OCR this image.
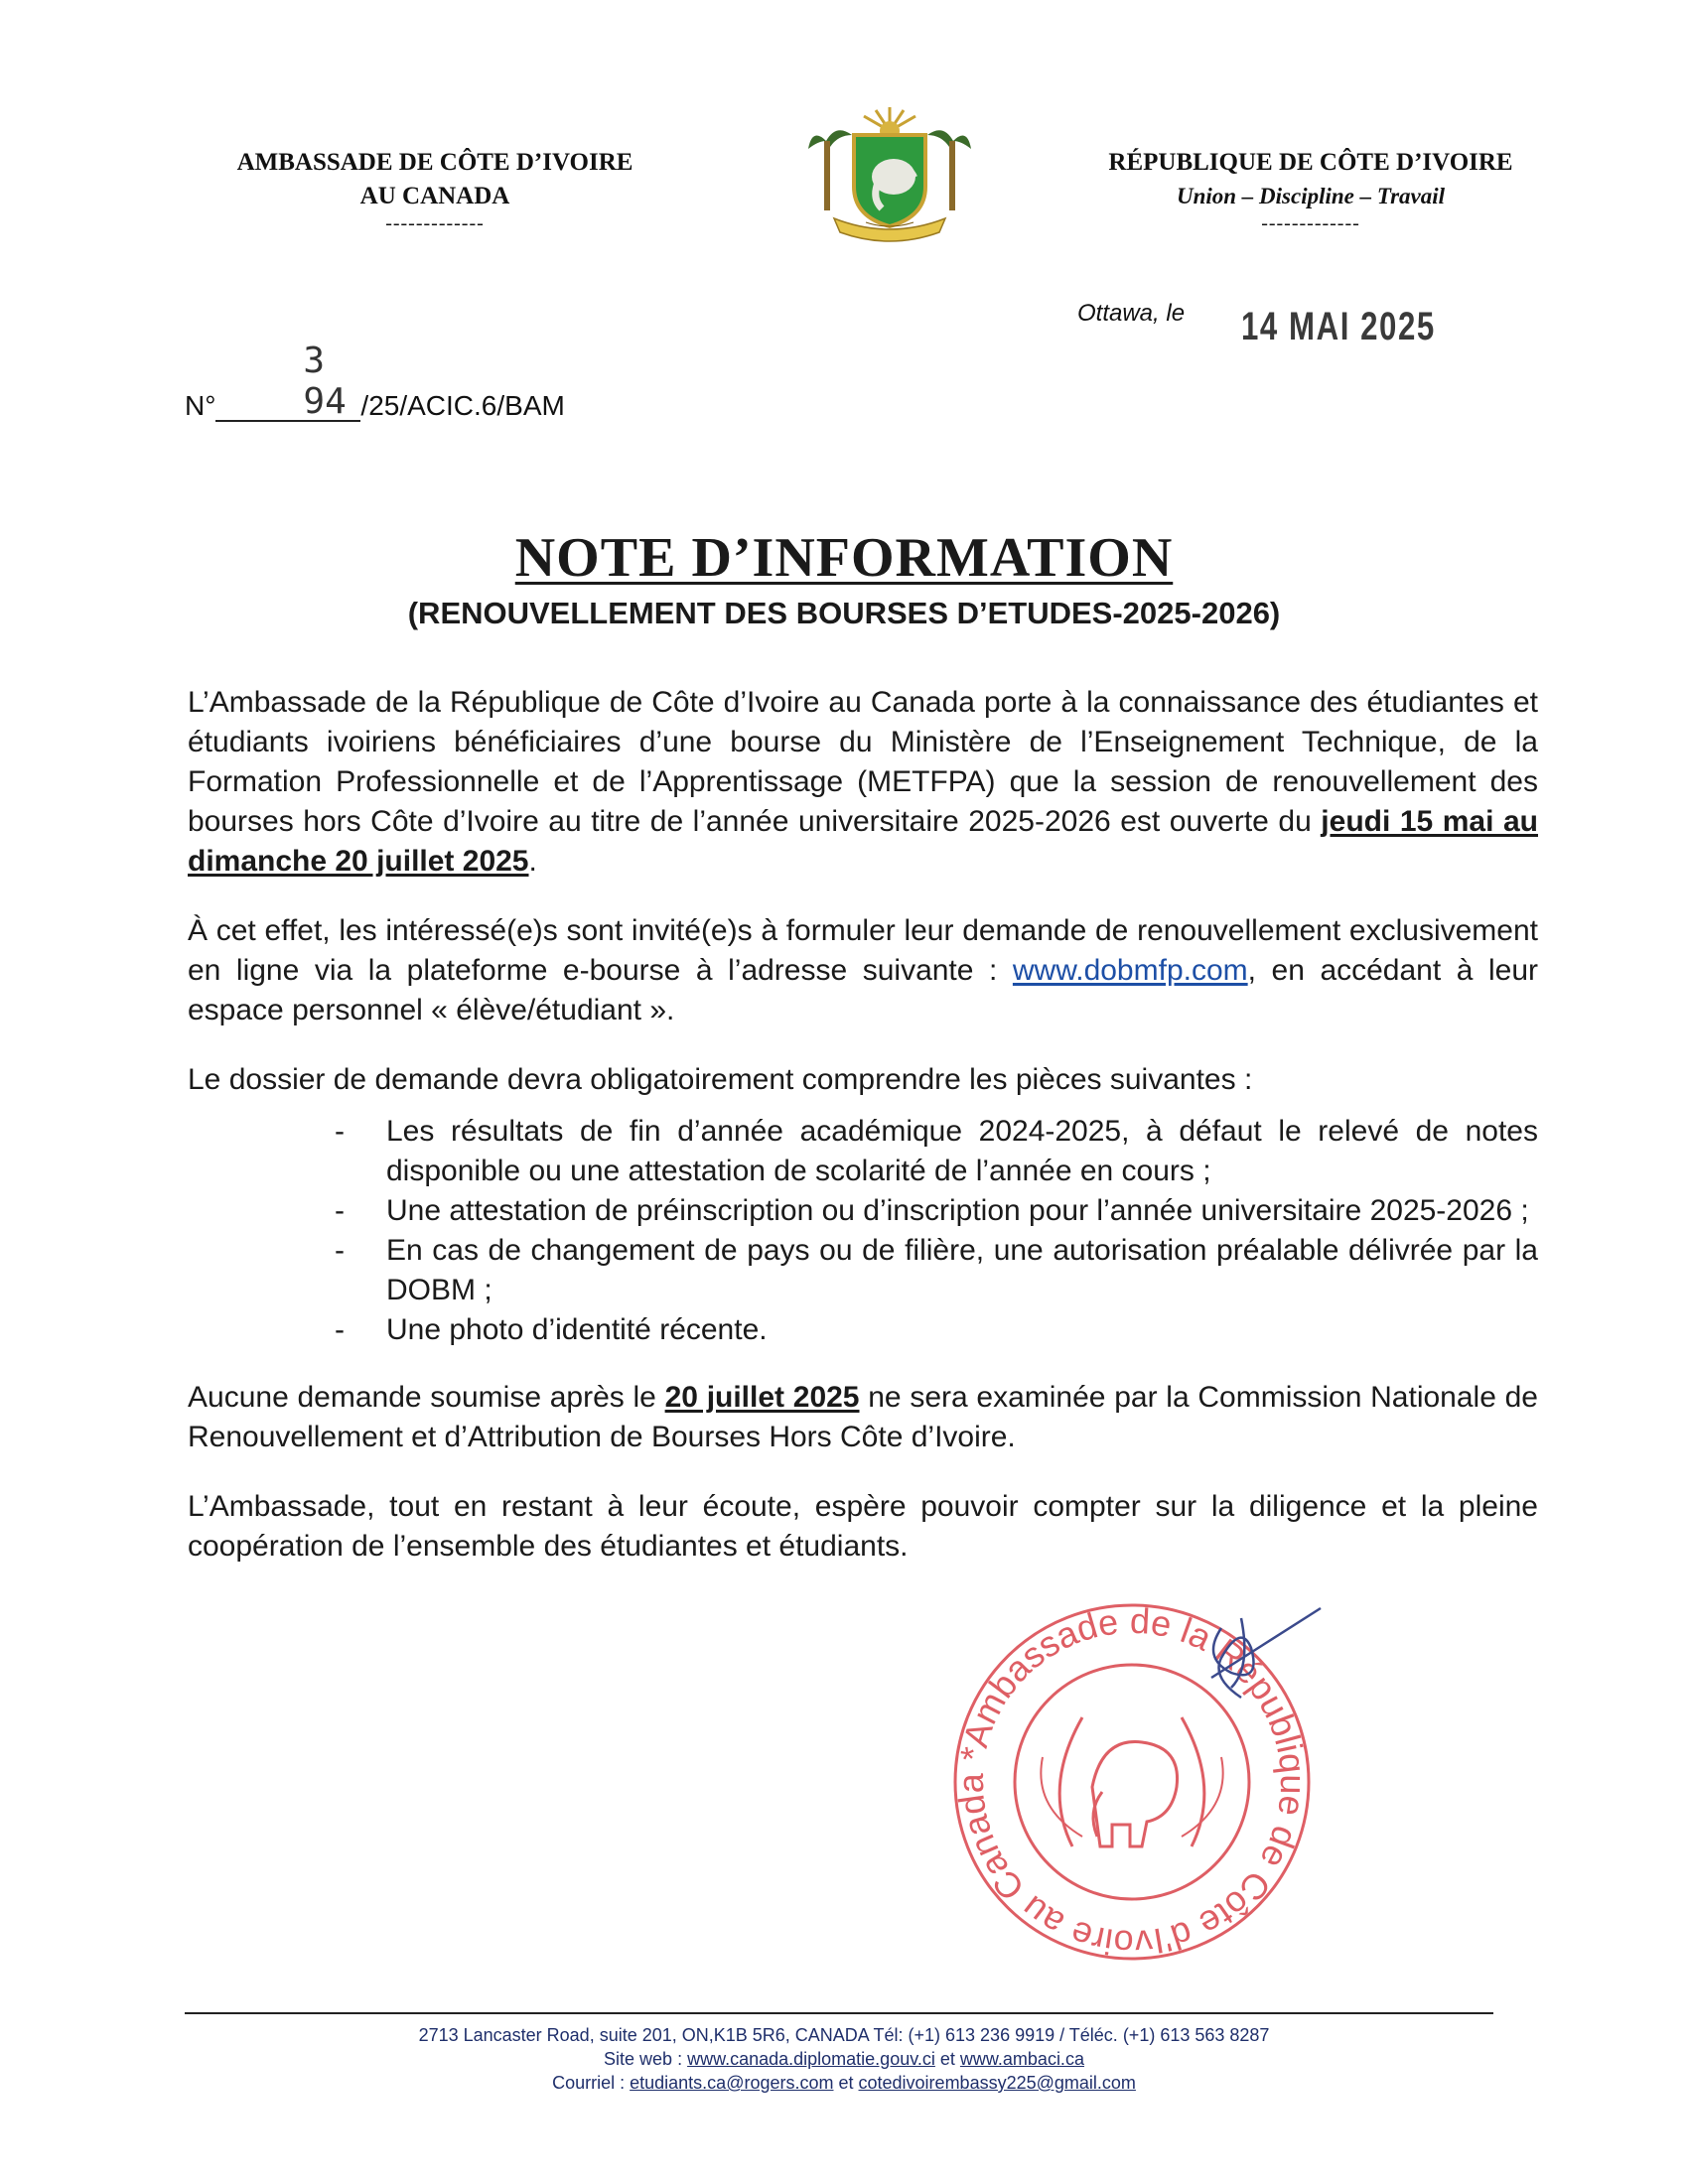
AMBASSADE DE CÔTE D’IVOIRE
AU CANADA
-------------
RÉPUBLIQUE DE CÔTE D’IVOIRE
Union – Discipline – Travail
-------------
Ottawa, le 14 MAI 2025
N°
3 94 /25/ACIC.6/BAM
NOTE D’INFORMATION
(RENOUVELLEMENT DES BOURSES D’ETUDES-2025-2026)

L’Ambassade de la République de Côte d’Ivoire au Canada porte à la connaissance des étudiantes et étudiants ivoiriens bénéficiaires d’une bourse du Ministère de l’Enseignement Technique, de la Formation Professionnelle et de l’Apprentissage (METFPA) que la session de renouvellement des bourses hors Côte d’Ivoire au titre de l’année universitaire 2025-2026 est ouverte du jeudi 15 mai au dimanche 20 juillet 2025.

À cet effet, les intéressé(e)s sont invité(e)s à formuler leur demande de renouvellement exclusivement en ligne via la plateforme e-bourse à l’adresse suivante : www.dobmfp.com, en accédant à leur espace personnel « élève/étudiant ».

Le dossier de demande devra obligatoirement comprendre les pièces suivantes :

- Les résultats de fin d’année académique 2024-2025, à défaut le relevé de notes disponible ou une attestation de scolarité de l’année en cours ;
- Une attestation de préinscription ou d’inscription pour l’année universitaire 2025-2026 ;
- En cas de changement de pays ou de filière, une autorisation préalable délivrée par la DOBM ;
- Une photo d’identité récente.

Aucune demande soumise après le 20 juillet 2025 ne sera examinée par la Commission Nationale de Renouvellement et d’Attribution de Bourses Hors Côte d’Ivoire.

L’Ambassade, tout en restant à leur écoute, espère pouvoir compter sur la diligence et la pleine coopération de l’ensemble des étudiantes et étudiants.

*Ambassade de la République de Côte d'Ivoire au Canada
2713 Lancaster Road, suite 201, ON,K1B 5R6, CANADA Tél: (+1) 613 236 9919 / Téléc. (+1) 613 563 8287
Site web : www.canada.diplomatie.gouv.ci et www.ambaci.ca
Courriel : etudiants.ca@rogers.com et cotedivoirembassy225@gmail.com
